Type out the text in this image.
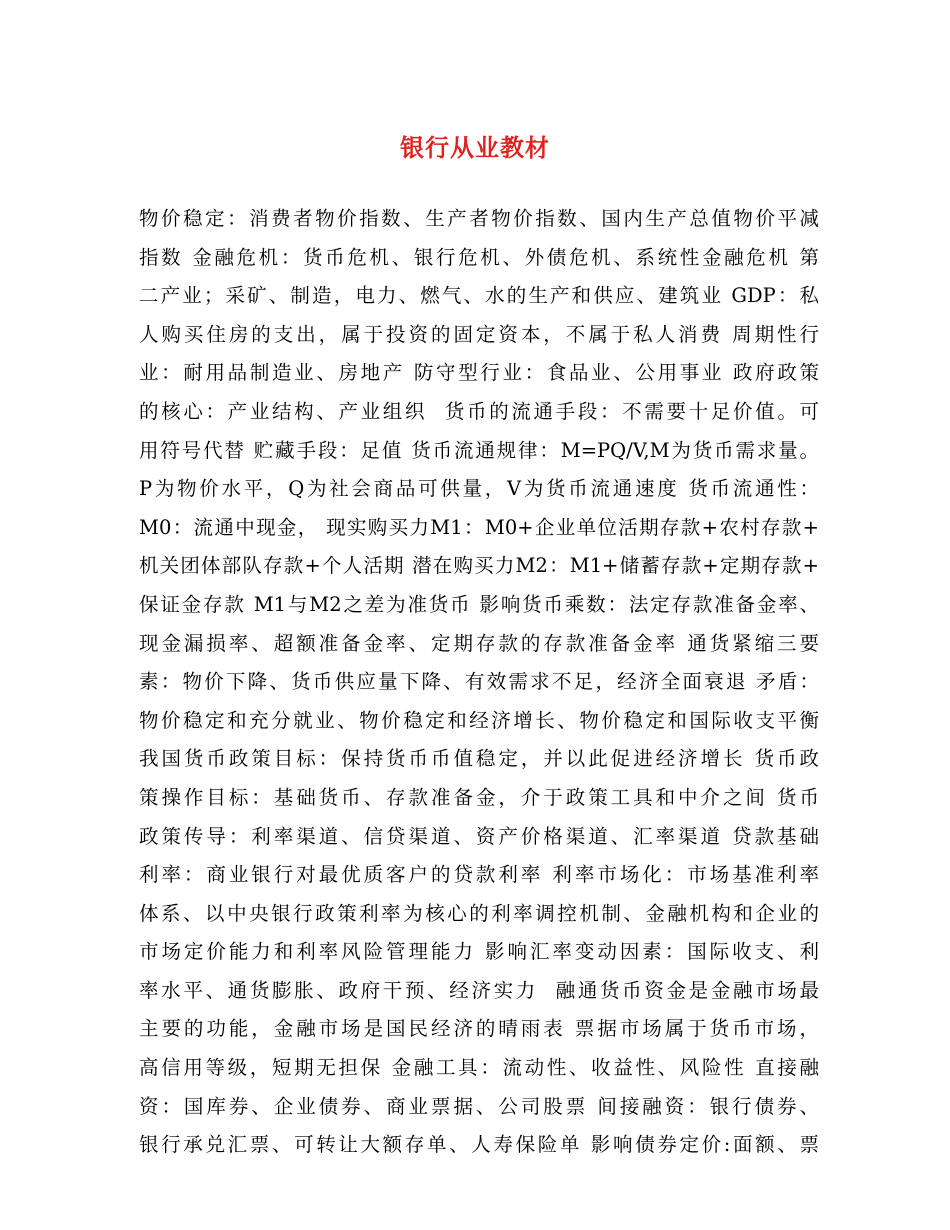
银行从业教材
物价稳定：消费者物价指数、生产者物价指数、国内生产总值物价平减
指数 金融危机：货币危机、银行危机、外债危机、系统性金融危机 第
二产业；采矿、制造，电力、燃气、水的生产和供应、建筑业 GDP：私
人购买住房的支出，属于投资的固定资本，不属于私人消费 周期性行
业：耐用品制造业、房地产 防守型行业：食品业、公用事业 政府政策
的核心：产业结构、产业组织  货币的流通手段：不需要十足价值。可
用符号代替 贮藏手段：足值 货币流通规律：M=PQ/V,M为货币需求量。
P为物价水平，Q为社会商品可供量，V为货币流通速度 货币流通性：
M0：流通中现金， 现实购买力M1：M0+企业单位活期存款+农村存款+
机关团体部队存款+个人活期 潜在购买力M2：M1+储蓄存款+定期存款+
保证金存款 M1与M2之差为准货币 影响货币乘数：法定存款准备金率、
现金漏损率、超额准备金率、定期存款的存款准备金率 通货紧缩三要
素：物价下降、货币供应量下降、有效需求不足，经济全面衰退 矛盾：
物价稳定和充分就业、物价稳定和经济增长、物价稳定和国际收支平衡
我国货币政策目标：保持货币币值稳定，并以此促进经济增长 货币政
策操作目标：基础货币、存款准备金，介于政策工具和中介之间 货币
政策传导：利率渠道、信贷渠道、资产价格渠道、汇率渠道 贷款基础
利率：商业银行对最优质客户的贷款利率 利率市场化：市场基准利率
体系、以中央银行政策利率为核心的利率调控机制、金融机构和企业的
市场定价能力和利率风险管理能力 影响汇率变动因素：国际收支、利
率水平、通货膨胀、政府干预、经济实力  融通货币资金是金融市场最
主要的功能，金融市场是国民经济的晴雨表 票据市场属于货币市场，
高信用等级，短期无担保 金融工具：流动性、收益性、风险性 直接融
资：国库券、企业债券、商业票据、公司股票 间接融资：银行债券、
银行承兑汇票、可转让大额存单、人寿保险单 影响债券定价:面额、票
